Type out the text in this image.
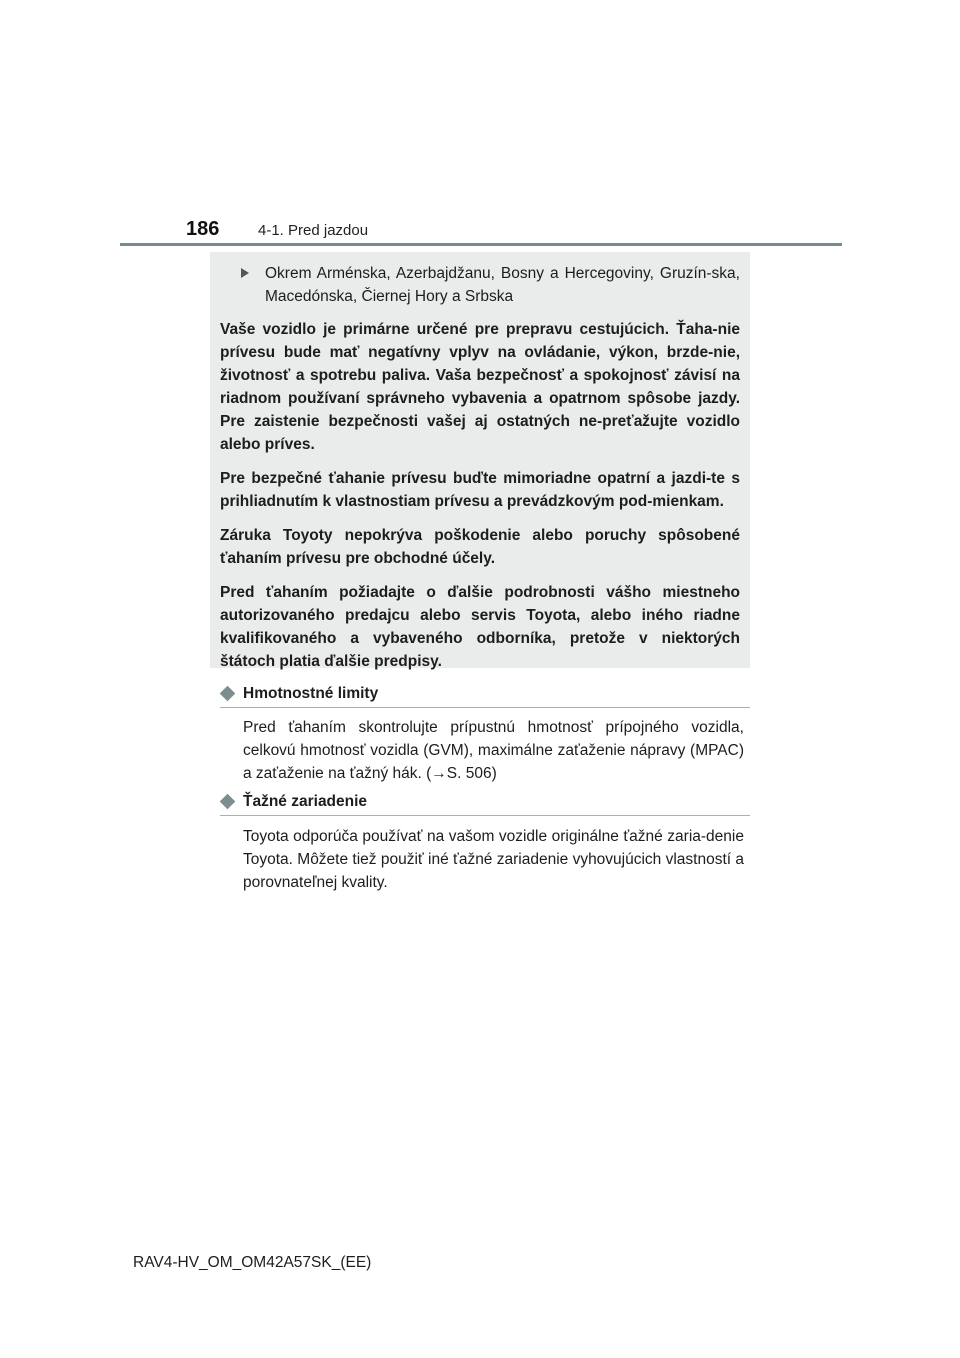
186	4-1. Pred jazdou
Okrem Arménska, Azerbajdžanu, Bosny a Hercegoviny, Gruzín-ska, Macedónska, Čiernej Hory a Srbska

Vaše vozidlo je primárne určené pre prepravu cestujúcich. Ťaha-nie prívesu bude mať negatívny vplyv na ovládanie, výkon, brzde-nie, životnosť a spotrebu paliva. Vaša bezpečnosť a spokojnosť závisí na riadnom používaní správneho vybavenia a opatrnom spôsobe jazdy. Pre zaistenie bezpečnosti vašej aj ostatných ne-preťažujte vozidlo alebo príves.

Pre bezpečné ťahanie prívesu buďte mimoriadne opatrní a jazdi-te s prihliadnutím k vlastnostiam prívesu a prevádzkovým pod-mienkam.

Záruka Toyoty nepokrýva poškodenie alebo poruchy spôsobené ťahaním prívesu pre obchodné účely.

Pred ťahaním požiadajte o ďalšie podrobnosti vášho miestneho autorizovaného predajcu alebo servis Toyota, alebo iného riadne kvalifikovaného a vybaveného odborníka, pretože v niektorých štátoch platia ďalšie predpisy.

Hmotnostné limity

Pred ťahaním skontrolujte prípustnú hmotnosť prípojného vozidla, celkovú hmotnosť vozidla (GVM), maximálne zaťaženie nápravy (MPAC) a zaťaženie na ťažný hák. (→S. 506)

Ťažné zariadenie

Toyota odporúča používať na vašom vozidle originálne ťažné zaria-denie Toyota. Môžete tiež použiť iné ťažné zariadenie vyhovujúcich vlastností a porovnateľnej kvality.

RAV4-HV_OM_OM42A57SK_(EE)
